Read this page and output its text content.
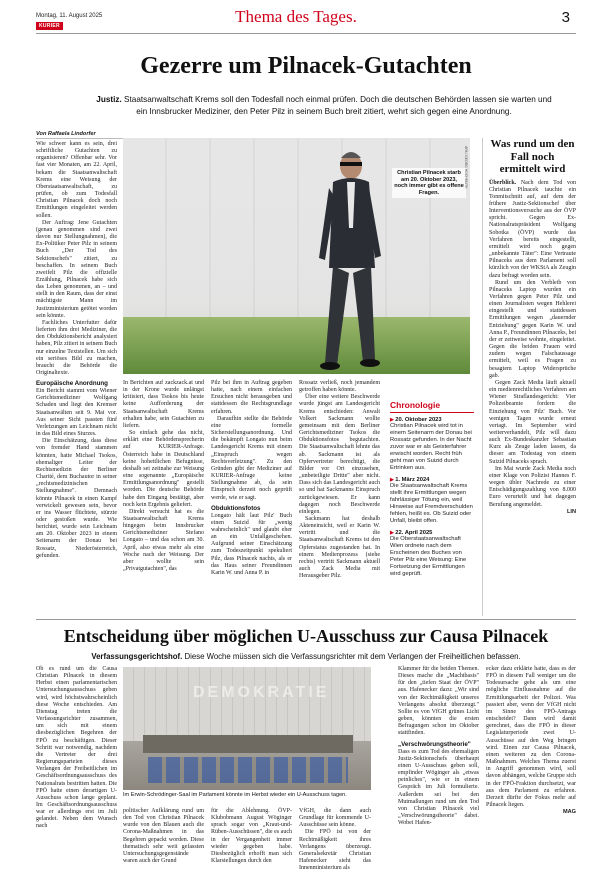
Montag, 11. August 2025
KURIER	Thema des Tages.	3
Gezerre um Pilnacek-Gutachten
Justiz. Staatsanwaltschaft Krems soll den Todesfall noch einmal prüfen. Doch die deutschen Behörden lassen sie warten und ein Innsbrucker Mediziner, den Peter Pilz in seinem Buch breit zitiert, wehrt sich gegen eine Anordnung.
Von Raffaela Lindorfer

Wie schwer kann es sein, drei schriftliche Gutachten zu organisieren? Offenbar sehr. Vor fast vier Monaten, am 22. April, bekam die Staatsanwaltschaft Krems eine Weisung der Oberstaatsanwaltschaft, zu prüfen, ob zum Todesfall Christian Pilnacek doch noch Ermittlungen eingeleitet werden sollen.

Der Auftrag: Jene Gutachten (genau genommen sind zwei davon nur Stellungnahmen), die Ex-Politiker Peter Pilz in seinem Buch „Der Tod des Sektionschefs" zitiert, zu beschaffen. In seinem Buch zweifelt Pilz die offizielle Erzählung, Pilnacek habe sich das Leben genommen, an – und stellt in den Raum, dass der einst mächtigste Mann im Justizministerium getötet worden sein könnte.

Fachliches Unterfutter dafür lieferten ihm drei Mediziner, die den Obduktionsbericht analysiert haben, Pilz zitiert in seinem Buch nur einzelne Textstellen. Um sich ein seriöses Bild zu machen, braucht die Behörde die Originaltexte.

Europäische Anordnung

Ein Bericht stammt vom Wiener Gerichtsmediziner Wolfgang Schaden und liegt den Kremser Staatsanwälten seit 9. Mai vor. Aus seiner Sicht passten fünf Verletzungen am Leichnam nicht in das Bild eines Sturzes.

Die Einschätzung, dass diese von fremder Hand stammen könnten, hatte Michael Tsokos, ehemaliger Leiter der Rechtsmedizin der Berliner Charité, dem Buchautor in seiner „rechtsmedizinischen Stellungnahme". Demnach könnte Pilnacek in einen Kampf verwickelt gewesen sein, bevor er ins Wasser flüchtete, stürzte oder gestoßen wurde. Wie berichtet, wurde sein Leichnam am 20. Oktober 2023 in einem Seitenarm der Donau bei Rossatz, Niederösterreich, gefunden.

Christian Pilnacek starb am 20. Oktober 2023, noch immer gibt es offene Fragen.
APA / GEORG HOCHMUTH

In Berichten auf zackzack.at und in der Krone wurde unlängst kritisiert, dass Tsokos bis heute keine Aufforderung der Staatsanwaltschaft Krems erhalten habe, sein Gutachten zu liefern.

So einfach gehe das nicht, erklärt eine Behördensprecherin auf KURIER-Anfrage. Österreich habe in Deutschland keine hoheitlichen Befugnisse, deshalb sei zeitnahe zur Weisung eine sogenannte „Europäische Ermittlungsanordnung" gestellt worden. Die deutsche Behörde habe den Eingang bestätigt, aber noch kein Ergebnis geliefert.

Direkt versucht hat es die Staatsanwaltschaft Krems hingegen beim Innsbrucker Gerichtsmediziner Stefano Longato – und das schon am 30. April, also etwas mehr als eine Woche nach der Weisung. Der aber wollte sein „Privatgutachten", das

Pilz bei ihm in Auftrag gegeben hatte, nach einem einfachen Ersuchen nicht herausgeben und stattdessen die Rechtsgrundlage erfahren.

Daraufhin stellte die Behörde eine formelle Sicherstellungsanordnung. Und die bekämpft Longato nun beim Landesgericht Krems mit einem „Einspruch wegen Rechtsverletzung". Zu den Gründen gibt der Mediziner auf KURIER-Anfrage keine Stellungnahme ab, da sein Einspruch derzeit noch geprüft werde, wie er sagt.

Obduktionsfotos

Longato hält laut Pilz' Buch einen Suizid für „wenig wahrscheinlich" und glaubt eher an ein Unfallgeschehen. Aufgrund seiner Einschätzung zum Todeszeitpunkt spekuliert Pilz, dass Pilnacek nachts, als er das Haus seiner Freundinnen Karin W. und Anna P. in

Rossatz verließ, noch jemandem getroffen haben könnte.

Über eine weitere Beschwerde wurde jüngst am Landesgericht Krems entschieden: Anwalt Volkert Sackmann wollte gemeinsam mit dem Berliner Gerichtsmediziner Tsokos die Obduktionsfotos begutachten. Die Staatsanwaltschaft lehnte das ab. Sackmann ist als Opfervertreter berechtigt, die Bilder vor Ort einzusehen, „unbeteiligte Dritte" aber nicht. Dass sich das Landesgericht auch so und hat Sackmanns Einspruch zurückgewiesen. Er kann dagegen noch Beschwerde einlegen.

Sackmann hat deshalb Akteneinsicht, weil er Karin W. vertritt und die Staatsanwaltschaft Krems ist den Opferstatus zugestanden hat. In einem Medienprozess (siehe rechts) vertritt Sackmann aktuell auch Zack Media mit Herausgeber Pilz.

Chronologie
▶ 20. Oktober 2023
Christian Pilnacek wird tot in einem Seitenarm der Donau bei Rossatz gefunden. In der Nacht zuvor war er als Geisterfahrer erwischt worden. Recht früh geht man von Suizid durch Ertrinken aus.
▶ 1. März 2024
Die Staatsanwaltschaft Krems stellt ihre Ermittlungen wegen fahrlässiger Tötung ein, weil Hinweise auf Fremdverschulden fehlen, heißt es. Ob Suizid oder Unfall, bleibt offen.
▶ 22. April 2025
Die Oberstaatsanwaltschaft Wien ordnete nach dem Erscheinen des Buches von Peter Pilz eine Weisung: Eine Fortsetzung der Ermittlungen wird geprüft.
Was rund um den Fall noch ermittelt wird

Überblick. Nach dem Tod von Christian Pilnacek tauchte ein Tonmitschnitt auf, auf dem der frühere Justiz-Sektionschef über Interventionsversuche aus der ÖVP spricht. Gegen Ex-Nationalratspräsident Wolfgang Sobotka (ÖVP) wurde das Verfahren bereits eingestellt, ermittelt wird noch gegen „unbekannte Täter": Eine Vertraute Pilnaceks aus dem Parlament soll kürzlich von der WKStA als Zeugin dazu befragt worden sein.

Rund um den Verbleib von Pilnaceks Laptop wurden ein Verfahren gegen Peter Pilz und einen Journalisten wegen Hehlerei eingestellt und stattdessen Ermittlungen wegen „dauernder Entziehung" gegen Karin W. und Anna P., Freundinnen Pilnaceks, bei der er zeitweise wohnte, eingeleitet. Gegen die beiden Frauen wird zudem wegen Falschaussage ermittelt, weil es Fragen zu besagtem Laptop Widersprüche gab.

Gegen Zack Media läuft aktuell ein medienrechtliches Verfahren am Wiener Straflandesgericht: Vier Polizeibeamte fordern die Einziehung von Pilz' Buch. Vor wenigen Tagen wurde erneut vertagt. Im September wird weiterverhandelt, Pilz will dazu auch Ex-Bundeskanzler Sebastian Kurz als Zeuge laden lassen, da dieser am Todestag von einem Suizid Pilnaceks sprach.

Im Mai wurde Zack Media noch einer Klage von Polizist Hannes F. wegen übler Nachrede zu einer Entschädigungszahlung von 8.000 Euro verurteilt und hat dagegen Berufung angemeldet.

LIN
Entscheidung über möglichen U-Ausschuss zur Causa Pilnacek
Verfassungsgerichtshof. Diese Woche müssen sich die Verfassungsrichter mit dem Verlangen der Freiheitlichen befassen.

Ob es rund um die Causa Christian Pilnacek in diesem Herbst einen parlamentarischen Untersuchungsausschuss geben wird, wird höchstwahrscheinlich diese Woche entschieden. Am Dienstag treten die Verfassungsrichter zusammen, um sich mit einem diesbezüglichen Begehren der FPÖ zu beschäftigen. Dieser Schritt war notwendig, nachdem die Vertreter der drei Regierungsparteien dieses Verlangen der Freiheitlichen im Geschäftsordnungsausschuss des Nationalrats bestritten hatten. Die FPÖ hatte einen derartigen U-Ausschuss schon lange geplant. Im Geschäftsordnungsausschuss war er allerdings erst im Juli gelandet. Neben dem Wunsch nach

DEMOKRATIE
Im Erwin-Schrödinger-Saal im Parlament könnte im Herbst wieder ein U-Ausschuss tagen.

politischer Aufklärung rund um den Tod von Christian Pilnacek wurde von den Blauen auch die Corona-Maßnahmen in das Begehren gepackt worden. Diese thematisch sehr weit gefassten Untersuchungsgegenstände waren auch der Grund

für die Ablehnung. ÖVP-Klubobmann August Wöginger sprach sogar von „Kraut-und-Rüben-Ausschüssen", die es auch in der Vergangenheit immer wieder gegeben habe. Diesbezüglich erhofft man sich Klarstellungen durch den

VfGH, die dann auch Grundlage für kommende U-Ausschüsse sein könne.

Die FPÖ ist von der Rechtmäßigkeit ihres Verlangens überzeugt. Generalsekretär Christian Hafenecker sieht das Innenministerium als

Klammer für die beiden Themen. Dieses mache die „Machtbasis" für den „tiefen Staat der ÖVP" aus. Hafenecker dazu: „Wir sind von der Rechtmäßigkeit unseres Verlangens absolut überzeugt." Sollte es von VfGH grünes Licht geben, könnten die ersten Befragungen schon im Oktober stattfinden.

„Verschwörungstheorie"

Dass es zum Tod des ehemaligen Justiz-Sektionschefs überhaupt einen U-Ausschuss geben soll, empfinder Wöginger als „etwas peinliches", wie er in einem Gespräch im Juli formulierte. Außerdem sei bei den Mutmaßungen rund um den Tod von Christian Pilnacek viel „Verschwörungstheorie" dabei. Wobei Hafen-

ecker dazu erklärte hatte, dass es der FPÖ in diesem Fall weniger um die Todesursache gehe als um eine mögliche Einflussnahme auf die Ermittlungsarbeit der Polizei. Was passiert aber, wenn der VfGH nicht im Sinne des FPÖ-Antrags entscheidet? Dann wird damit gerechnet, dass die FPÖ in dieser Legislaturperiode zwei U-Ausschüsse auf den Weg bringen wird. Einen zur Causa Pilnacek, einen weiteren zu den Corona-Maßnahmen. Welches Thema zuerst in Angriff genommen wird, soll davon abhängen, welche Gruppe sich in der FPÖ-Fraktion durchsetzt, war aus dem Parlament zu erfahren. Derzeit dürfte der Fokus mehr auf Pilnacek liegen.

MAG
